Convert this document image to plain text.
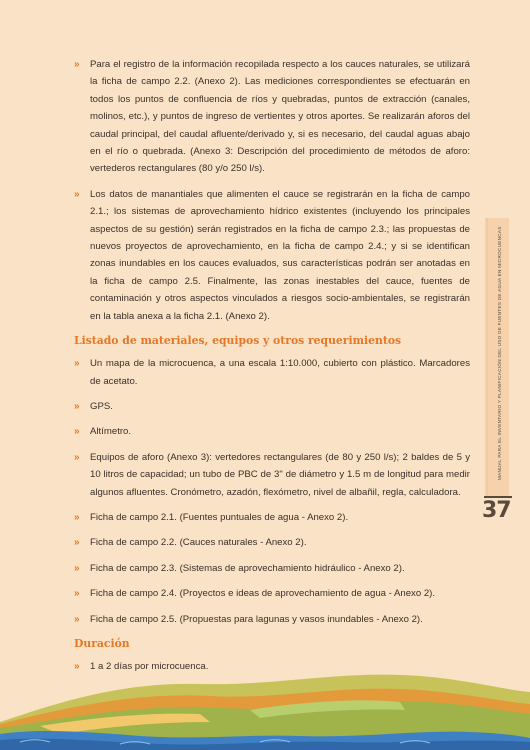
» Para el registro de la información recopilada respecto a los cauces naturales, se utilizará la ficha de campo 2.2. (Anexo 2). Las mediciones correspondientes se efectuarán en todos los puntos de confluencia de ríos y quebradas, puntos de extracción (canales, molinos, etc.), y puntos de ingreso de vertientes y otros aportes. Se realizarán aforos del caudal principal, del caudal afluente/derivado y, si es necesario, del caudal aguas abajo en el río o quebrada. (Anexo 3: Descripción del procedimiento de métodos de aforo: vertederos rectangulares (80 y/o 250 l/s).
» Los datos de manantiales que alimenten el cauce se registrarán en la ficha de campo 2.1.; los sistemas de aprovechamiento hídrico existentes (incluyendo los principales aspectos de su gestión) serán registrados en la ficha de campo 2.3.; las propuestas de nuevos proyectos de aprovechamiento, en la ficha de campo 2.4.; y si se identifican zonas inundables en los cauces evaluados, sus características podrán ser anotadas en la ficha de campo 2.5. Finalmente, las zonas inestables del cauce, fuentes de contaminación y otros aspectos vinculados a riesgos socio-ambientales, se registrarán en la tabla anexa a la ficha 2.1. (Anexo 2).
Listado de materiales, equipos y otros requerimientos
» Un mapa de la microcuenca, a una escala 1:10.000, cubierto con plástico. Marcadores de acetato.
» GPS.
» Altímetro.
» Equipos de aforo (Anexo 3): vertedores rectangulares (de 80 y 250 l/s); 2 baldes de 5 y 10 litros de capacidad; un tubo de PBC de 3" de diámetro y 1.5 m de longitud para medir algunos afluentes. Cronómetro, azadón, flexómetro, nivel de albañil, regla, calculadora.
» Ficha de campo 2.1. (Fuentes puntuales de agua - Anexo 2).
» Ficha de campo 2.2. (Cauces naturales - Anexo 2).
» Ficha de campo 2.3. (Sistemas de aprovechamiento hidráulico - Anexo 2).
» Ficha de campo 2.4. (Proyectos e ideas de aprovechamiento de agua - Anexo 2).
» Ficha de campo 2.5. (Propuestas para lagunas y vasos inundables - Anexo 2).
Duración
» 1 a 2 días por microcuenca.
MANUAL PARA EL INVENTARIO Y PLANIFICACIÓN DEL USO DE FUENTES DE AGUA EN MICROCUENCAS
37
